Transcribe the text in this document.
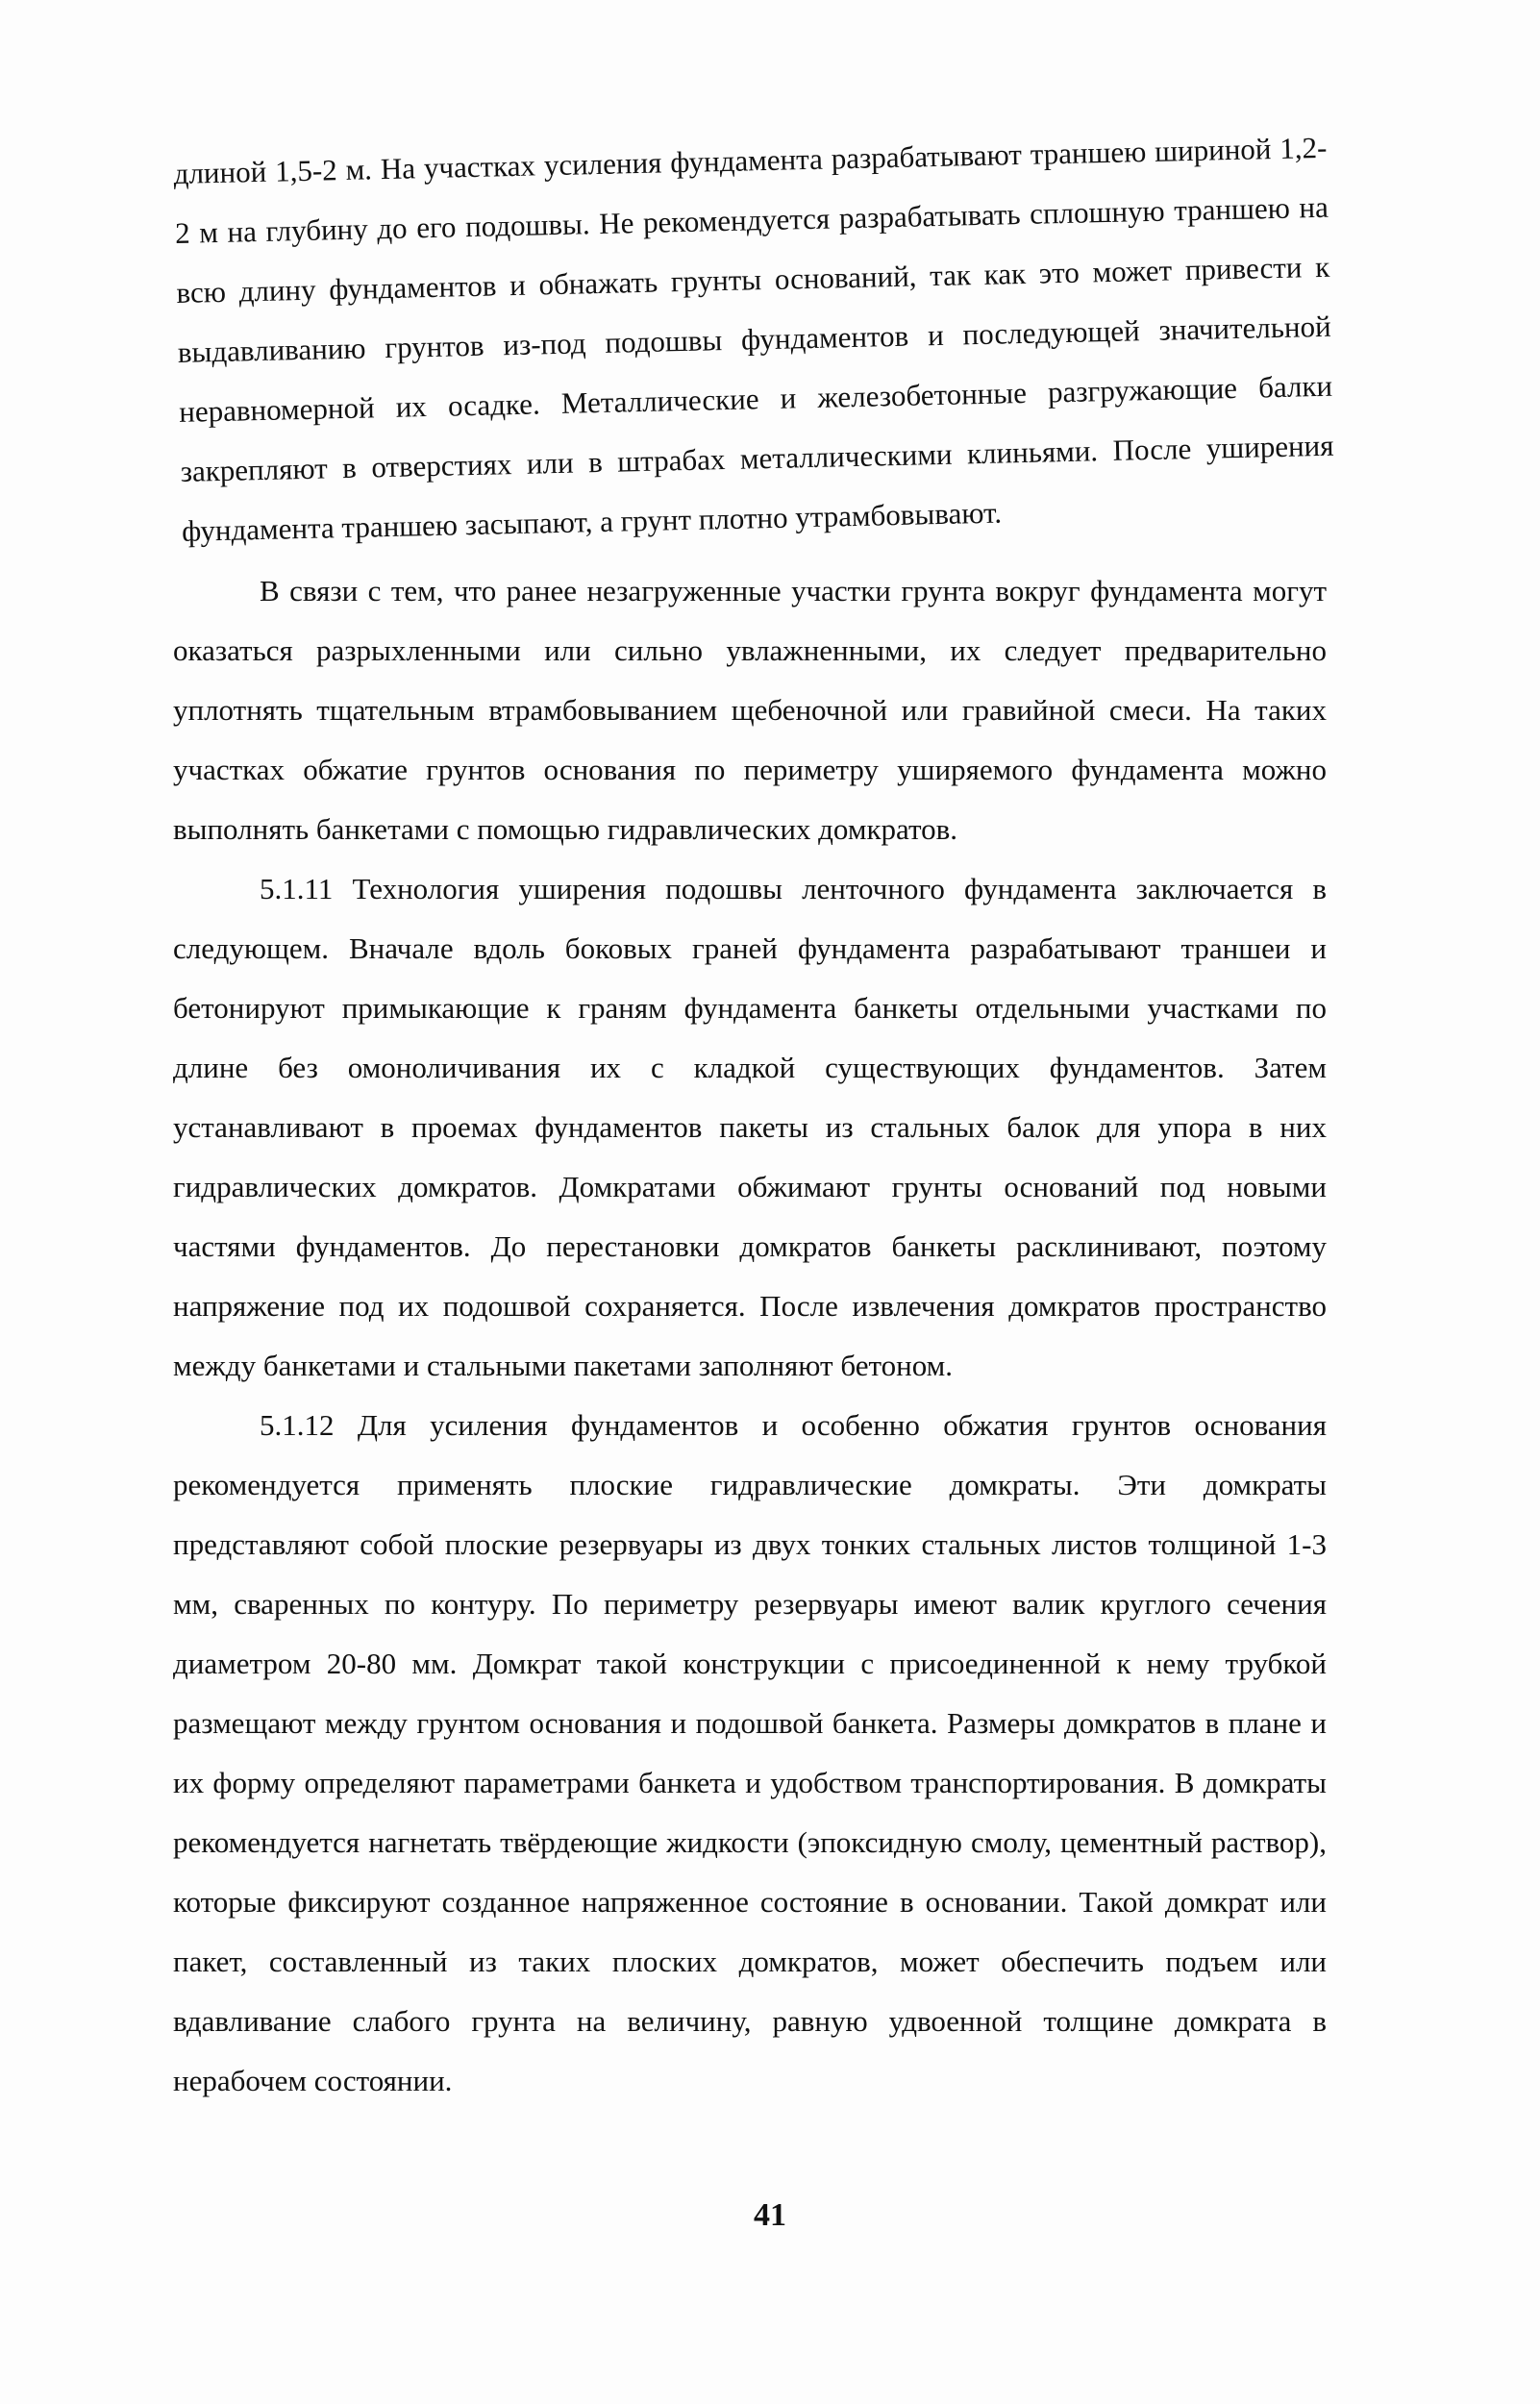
длиной 1,5-2 м. На участках усиления фундамента разрабатывают траншею шириной 1,2-2 м на глубину до его подошвы. Не рекомендуется разрабатывать сплошную траншею на всю длину фундаментов и обнажать грунты оснований, так как это может привести к выдавливанию грунтов из-под подошвы фундаментов и последующей значительной неравномерной их осадке. Металлические и железобетонные разгружающие балки закрепляют в отверстиях или в штрабах металлическими клиньями. После уширения фундамента траншею засыпают, а грунт плотно утрамбовывают.

В связи с тем, что ранее незагруженные участки грунта вокруг фундамента могут оказаться разрыхленными или сильно увлажненными, их следует предварительно уплотнять тщательным втрамбовыванием щебеночной или гравийной смеси. На таких участках обжатие грунтов основания по периметру уширяемого фундамента можно выполнять банкетами с помощью гидравлических домкратов.

5.1.11 Технология уширения подошвы ленточного фундамента заключается в следующем. Вначале вдоль боковых граней фундамента разрабатывают траншеи и бетонируют примыкающие к граням фундамента банкеты отдельными участками по длине без омоноличивания их с кладкой существующих фундаментов. Затем устанавливают в проемах фундаментов пакеты из стальных балок для упора в них гидравлических домкратов. Домкратами обжимают грунты оснований под новыми частями фундаментов. До перестановки домкратов банкеты расклинивают, поэтому напряжение под их подошвой сохраняется. После извлечения домкратов пространство между банкетами и стальными пакетами заполняют бетоном.

5.1.12 Для усиления фундаментов и особенно обжатия грунтов основания рекомендуется применять плоские гидравлические домкраты. Эти домкраты представляют собой плоские резервуары из двух тонких стальных листов толщиной 1-3 мм, сваренных по контуру. По периметру резервуары имеют валик круглого сечения диаметром 20-80 мм. Домкрат такой конструкции с присоединенной к нему трубкой размещают между грунтом основания и подошвой банкета. Размеры домкратов в плане и их форму определяют параметрами банкета и удобством транспортирования. В домкраты рекомендуется нагнетать твёрдеющие жидкости (эпоксидную смолу, цементный раствор), которые фиксируют созданное напряженное состояние в основании. Такой домкрат или пакет, составленный из таких плоских домкратов, может обеспечить подъем или вдавливание слабого грунта на величину, равную удвоенной толщине домкрата в нерабочем состоянии.

41
